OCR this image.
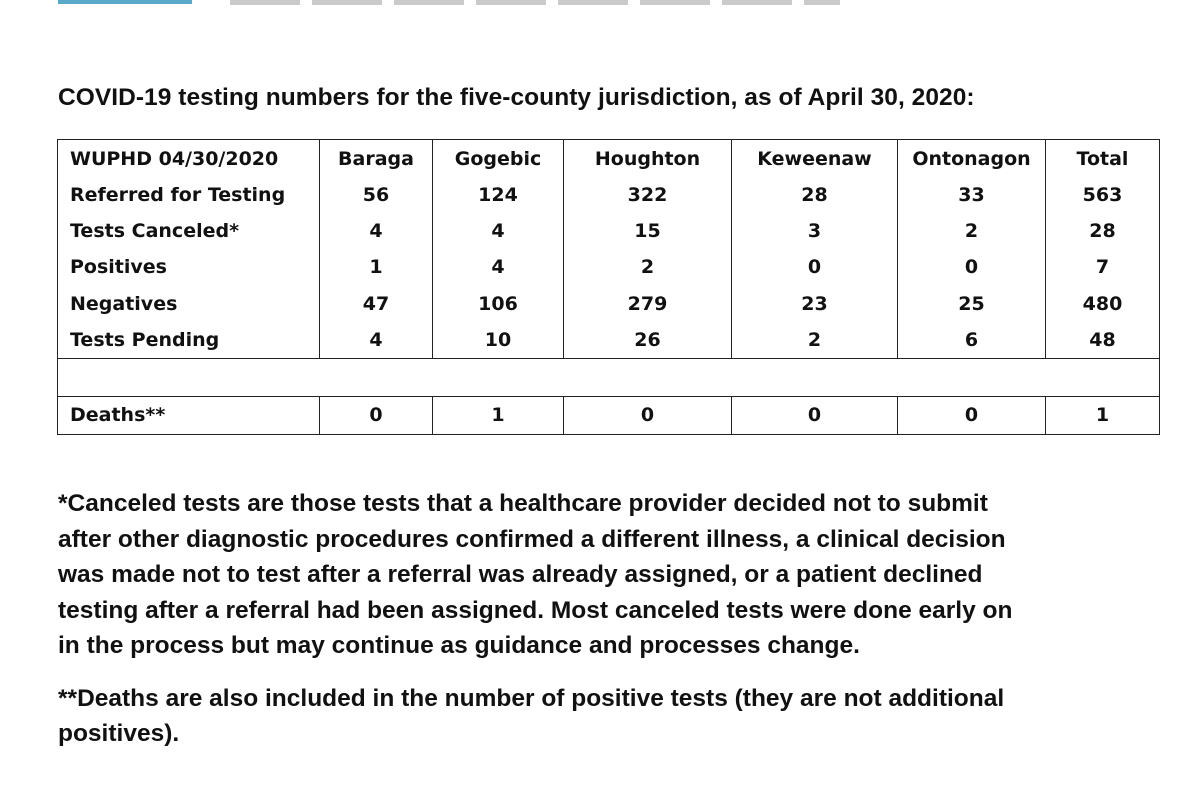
COVID-19 testing numbers for the five-county jurisdiction, as of April 30, 2020:
WUPHD 04/30/2020	Baraga	Gogebic	Houghton	Keweenaw	Ontonagon	Total
Referred for Testing	56	124	322	28	33	563
Tests Canceled*	4	4	15	3	2	28
Positives	1	4	2	0	0	7
Negatives	47	106	279	23	25	480
Tests Pending	4	10	26	2	6	48

Deaths**	0	1	0	0	0	1
*Canceled tests are those tests that a healthcare provider decided not to submit
after other diagnostic procedures confirmed a different illness, a clinical decision
was made not to test after a referral was already assigned, or a patient declined
testing after a referral had been assigned. Most canceled tests were done early on
in the process but may continue as guidance and processes change.
**Deaths are also included in the number of positive tests (they are not additional
positives).
